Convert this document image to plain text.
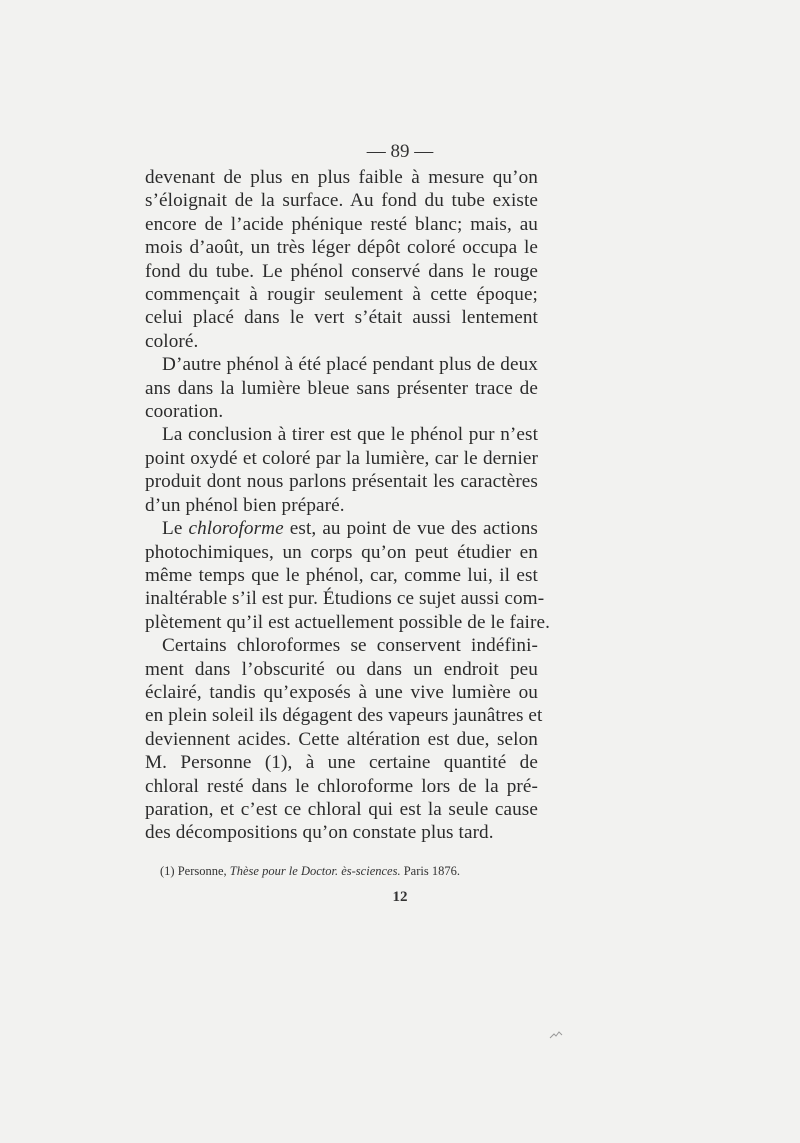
— 89 —

devenant de plus en plus faible à mesure qu’on
s’éloignait de la surface. Au fond du tube existe
encore de l’acide phénique resté blanc; mais, au
mois d’août, un très léger dépôt coloré occupa le
fond du tube. Le phénol conservé dans le rouge
commençait à rougir seulement à cette époque;
celui placé dans le vert s’était aussi lentement
coloré.

D’autre phénol à été placé pendant plus de deux
ans dans la lumière bleue sans présenter trace de
cooration.

La conclusion à tirer est que le phénol pur n’est
point oxydé et coloré par la lumière, car le dernier
produit dont nous parlons présentait les caractères
d’un phénol bien préparé.

Le chloroforme est, au point de vue des actions
photochimiques, un corps qu’on peut étudier en
même temps que le phénol, car, comme lui, il est
inaltérable s’il est pur. Étudions ce sujet aussi com-
plètement qu’il est actuellement possible de le faire.

Certains chloroformes se conservent indéfini-
ment dans l’obscurité ou dans un endroit peu
éclairé, tandis qu’exposés à une vive lumière ou
en plein soleil ils dégagent des vapeurs jaunâtres et
deviennent acides. Cette altération est due, selon
M. Personne (1), à une certaine quantité de
chloral resté dans le chloroforme lors de la pré-
paration, et c’est ce chloral qui est la seule cause
des décompositions qu’on constate plus tard.

(1) Personne, Thèse pour le Doctor. ès-sciences. Paris 1876.
12
